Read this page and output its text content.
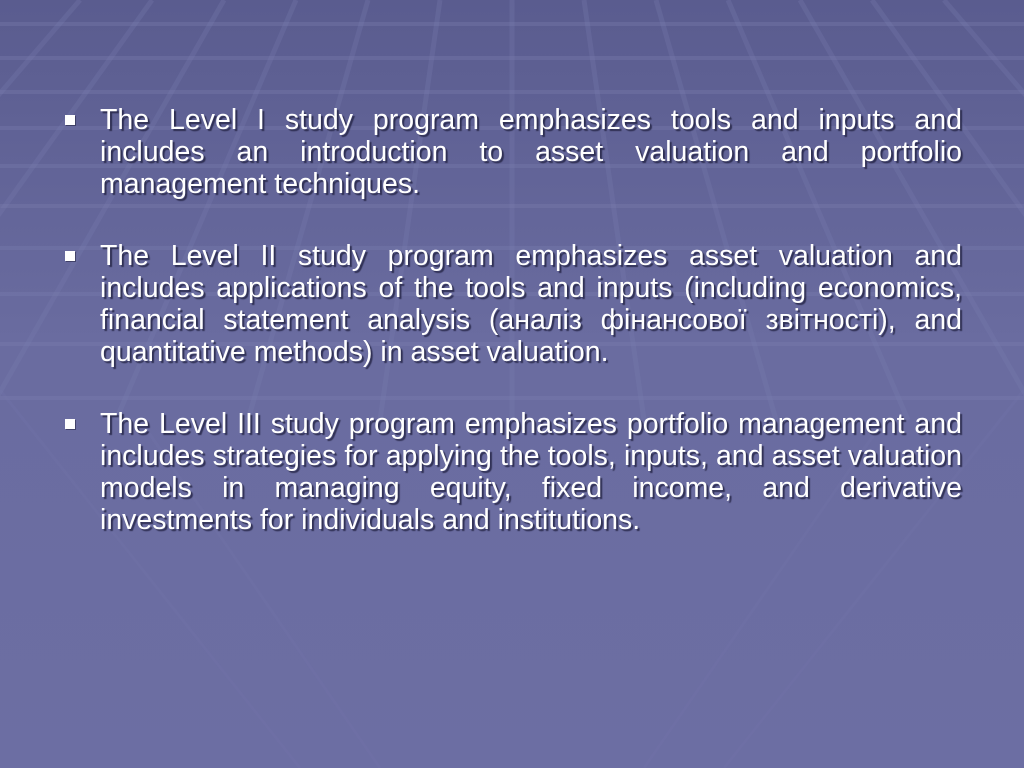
The Level I study program emphasizes tools and inputs and includes an introduction to asset valuation and portfolio management techniques.
The Level II study program emphasizes asset valuation and includes applications of the tools and inputs (including economics, financial statement analysis (аналіз фінансової звітності), and quantitative methods) in asset valuation.
The Level III study program emphasizes portfolio management and includes strategies for applying the tools, inputs, and asset valuation models in managing equity, fixed income, and derivative investments for individuals and institutions.
